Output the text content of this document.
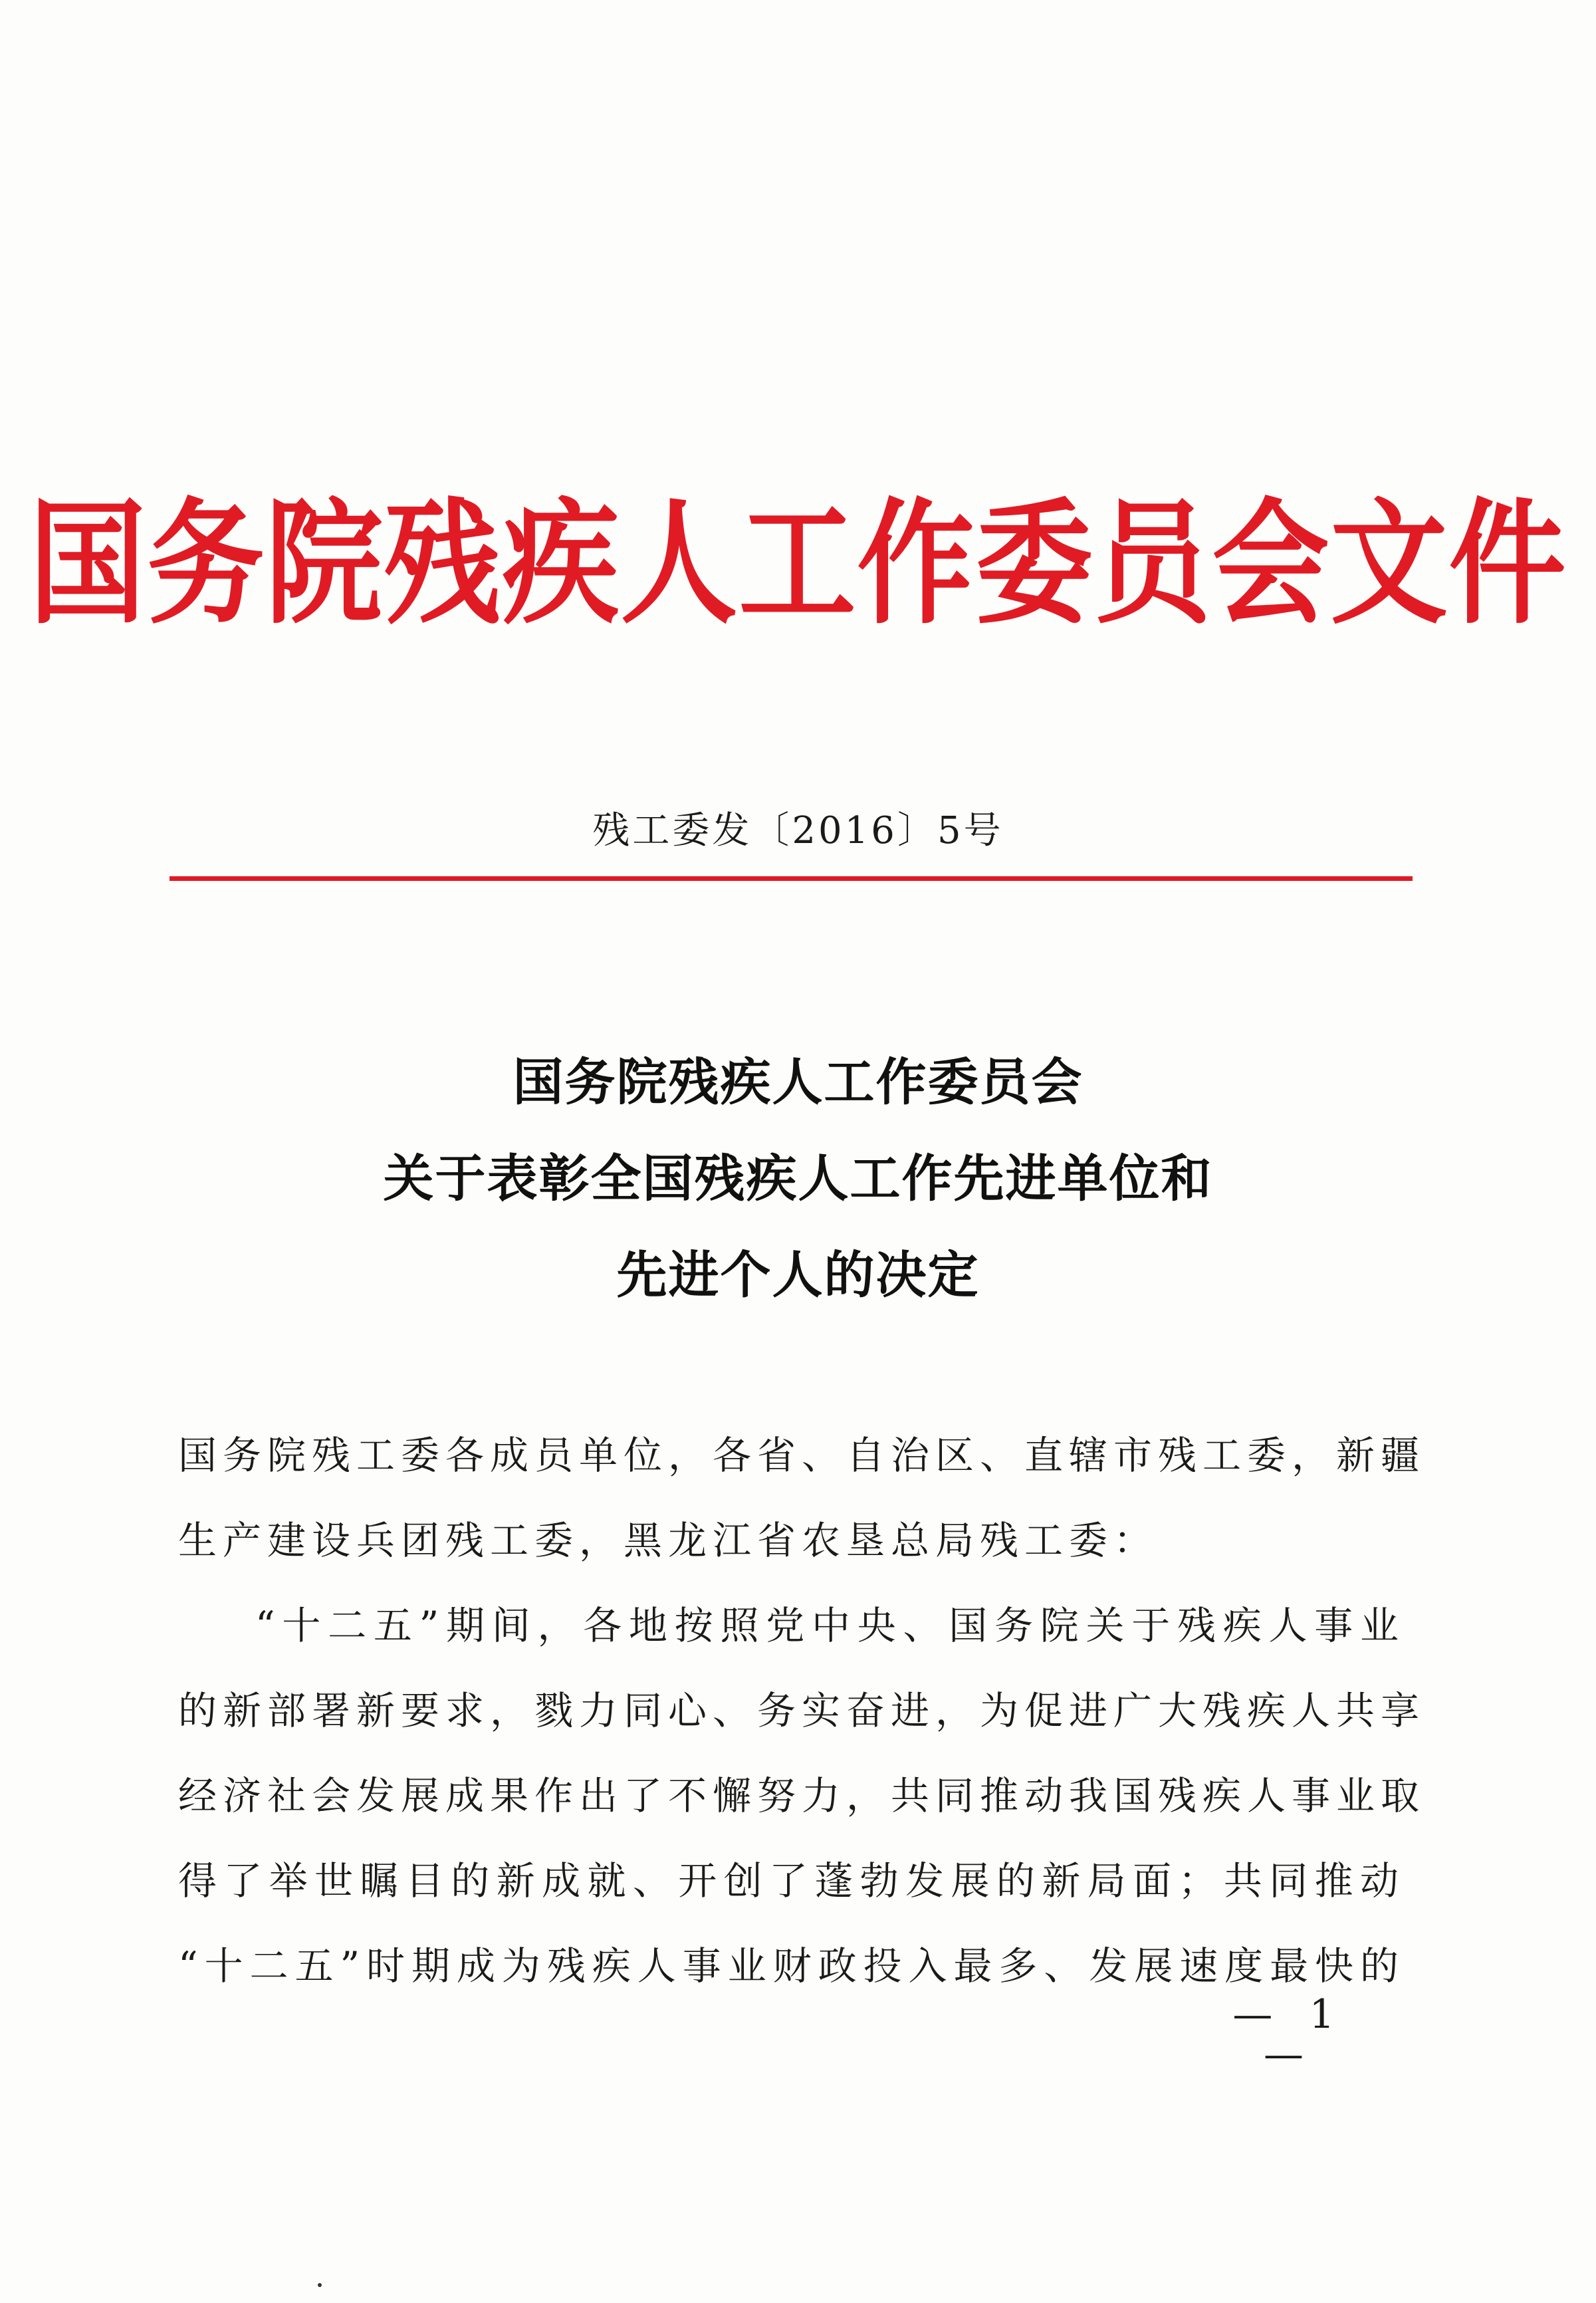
国务院残疾人工作委员会文件
残工委发〔2016〕5号
国务院残疾人工作委员会
关于表彰全国残疾人工作先进单位和
先进个人的决定
国务院残工委各成员单位，各省、自治区、直辖市残工委，新疆
生产建设兵团残工委，黑龙江省农垦总局残工委：
“十二五”期间，各地按照党中央、国务院关于残疾人事业
的新部署新要求，戮力同心、务实奋进，为促进广大残疾人共享
经济社会发展成果作出了不懈努力，共同推动我国残疾人事业取
得了举世瞩目的新成就、开创了蓬勃发展的新局面；共同推动
“十二五”时期成为残疾人事业财政投入最多、发展速度最快的
— 1 —
